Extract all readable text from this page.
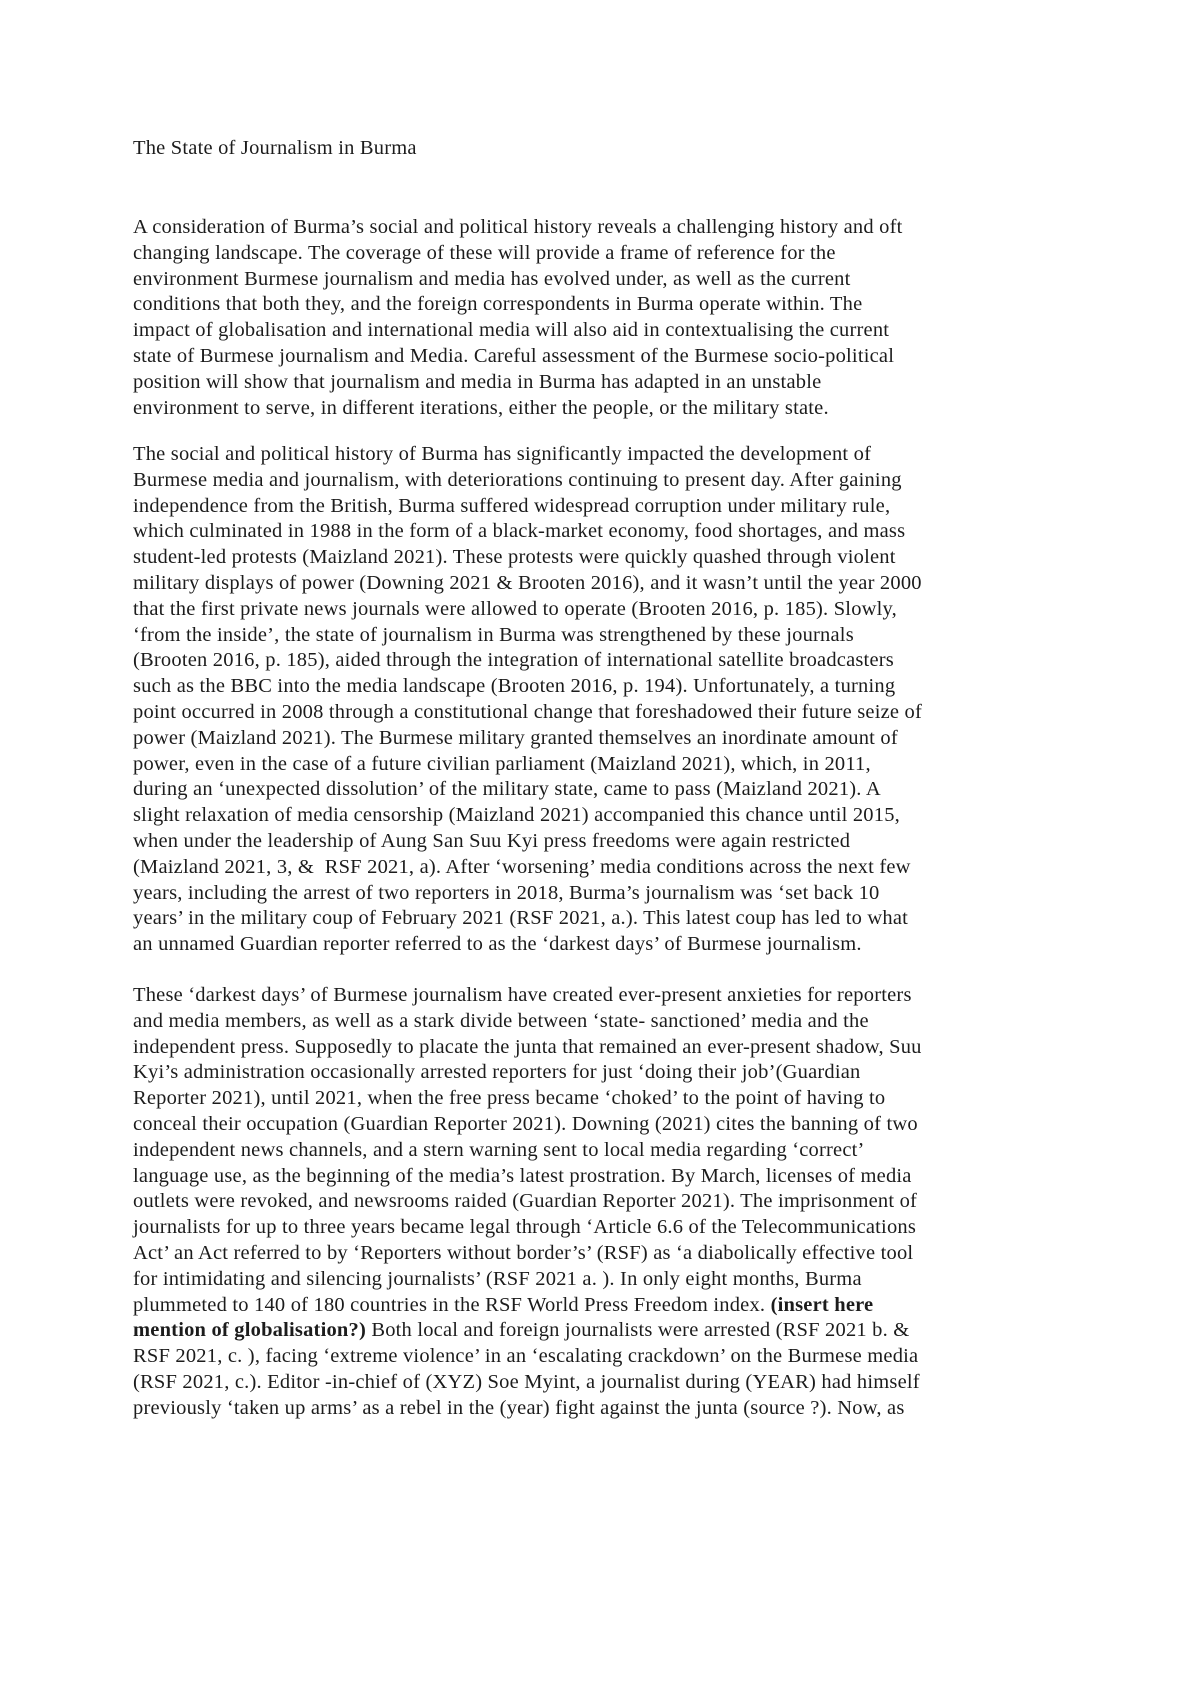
The State of Journalism in Burma
A consideration of Burma’s social and political history reveals a challenging history and oft
changing landscape. The coverage of these will provide a frame of reference for the
environment Burmese journalism and media has evolved under, as well as the current
conditions that both they, and the foreign correspondents in Burma operate within. The
impact of globalisation and international media will also aid in contextualising the current
state of Burmese journalism and Media. Careful assessment of the Burmese socio-political
position will show that journalism and media in Burma has adapted in an unstable
environment to serve, in different iterations, either the people, or the military state.
The social and political history of Burma has significantly impacted the development of
Burmese media and journalism, with deteriorations continuing to present day. After gaining
independence from the British, Burma suffered widespread corruption under military rule,
which culminated in 1988 in the form of a black-market economy, food shortages, and mass
student-led protests (Maizland 2021). These protests were quickly quashed through violent
military displays of power (Downing 2021 & Brooten 2016), and it wasn’t until the year 2000
that the first private news journals were allowed to operate (Brooten 2016, p. 185). Slowly,
‘from the inside’, the state of journalism in Burma was strengthened by these journals
(Brooten 2016, p. 185), aided through the integration of international satellite broadcasters
such as the BBC into the media landscape (Brooten 2016, p. 194). Unfortunately, a turning
point occurred in 2008 through a constitutional change that foreshadowed their future seize of
power (Maizland 2021). The Burmese military granted themselves an inordinate amount of
power, even in the case of a future civilian parliament (Maizland 2021), which, in 2011,
during an ‘unexpected dissolution’ of the military state, came to pass (Maizland 2021). A
slight relaxation of media censorship (Maizland 2021) accompanied this chance until 2015,
when under the leadership of Aung San Suu Kyi press freedoms were again restricted
(Maizland 2021, 3, &  RSF 2021, a). After ‘worsening’ media conditions across the next few
years, including the arrest of two reporters in 2018, Burma’s journalism was ‘set back 10
years’ in the military coup of February 2021 (RSF 2021, a.). This latest coup has led to what
an unnamed Guardian reporter referred to as the ‘darkest days’ of Burmese journalism.
These ‘darkest days’ of Burmese journalism have created ever-present anxieties for reporters
and media members, as well as a stark divide between ‘state- sanctioned’ media and the
independent press. Supposedly to placate the junta that remained an ever-present shadow, Suu
Kyi’s administration occasionally arrested reporters for just ‘doing their job’(Guardian
Reporter 2021), until 2021, when the free press became ‘choked’ to the point of having to
conceal their occupation (Guardian Reporter 2021). Downing (2021) cites the banning of two
independent news channels, and a stern warning sent to local media regarding ‘correct’
language use, as the beginning of the media’s latest prostration. By March, licenses of media
outlets were revoked, and newsrooms raided (Guardian Reporter 2021). The imprisonment of
journalists for up to three years became legal through ‘Article 6.6 of the Telecommunications
Act’ an Act referred to by ‘Reporters without border’s’ (RSF) as ‘a diabolically effective tool
for intimidating and silencing journalists’ (RSF 2021 a. ). In only eight months, Burma
plummeted to 140 of 180 countries in the RSF World Press Freedom index. (insert here
mention of globalisation?) Both local and foreign journalists were arrested (RSF 2021 b. &
RSF 2021, c. ), facing ‘extreme violence’ in an ‘escalating crackdown’ on the Burmese media
(RSF 2021, c.). Editor -in-chief of (XYZ) Soe Myint, a journalist during (YEAR) had himself
previously ‘taken up arms’ as a rebel in the (year) fight against the junta (source ?). Now, as
